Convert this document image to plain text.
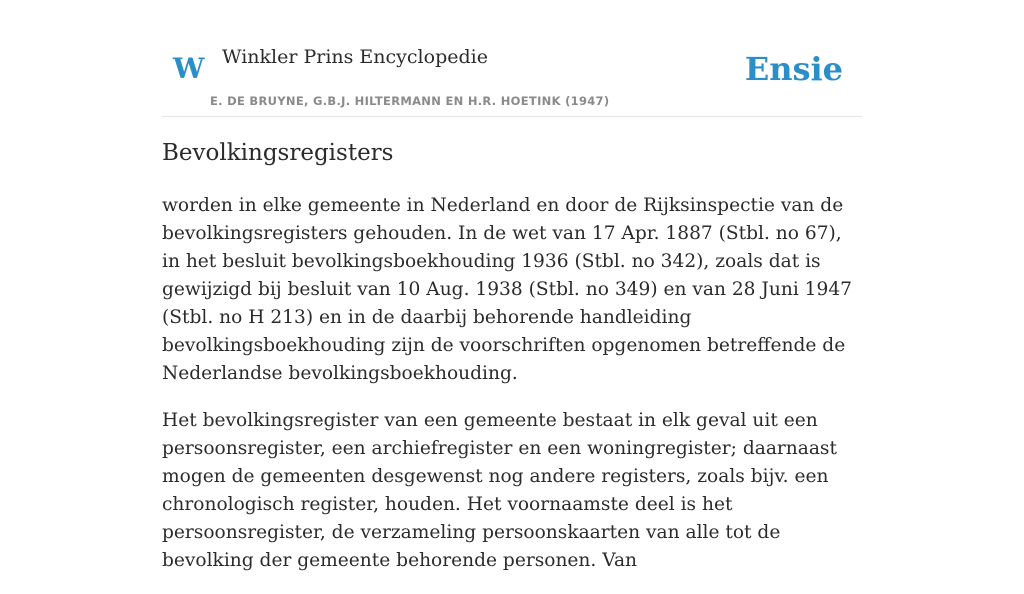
W Winkler Prins Encyclopedie
E. DE BRUYNE, G.B.J. HILTERMANN EN H.R. HOETINK (1947)
Ensie
Bevolkingsregisters

worden in elke gemeente in Nederland en door de Rijksinspectie van de bevolkingsregisters gehouden. In de wet van 17 Apr. 1887 (Stbl. no 67), in het besluit bevolkingsboekhouding 1936 (Stbl. no 342), zoals dat is gewijzigd bij besluit van 10 Aug. 1938 (Stbl. no 349) en van 28 Juni 1947 (Stbl. no H 213) en in de daarbij behorende handleiding bevolkingsboekhouding zijn de voorschriften opgenomen betreffende de Nederlandse bevolkingsboekhouding.

Het bevolkingsregister van een gemeente bestaat in elk geval uit een persoonsregister, een archiefregister en een woningregister; daarnaast mogen de gemeenten desgewenst nog andere registers, zoals bijv. een chronologisch register, houden. Het voornaamste deel is het persoonsregister, de verzameling persoonskaarten van alle tot de bevolking der gemeente behorende personen. Van
